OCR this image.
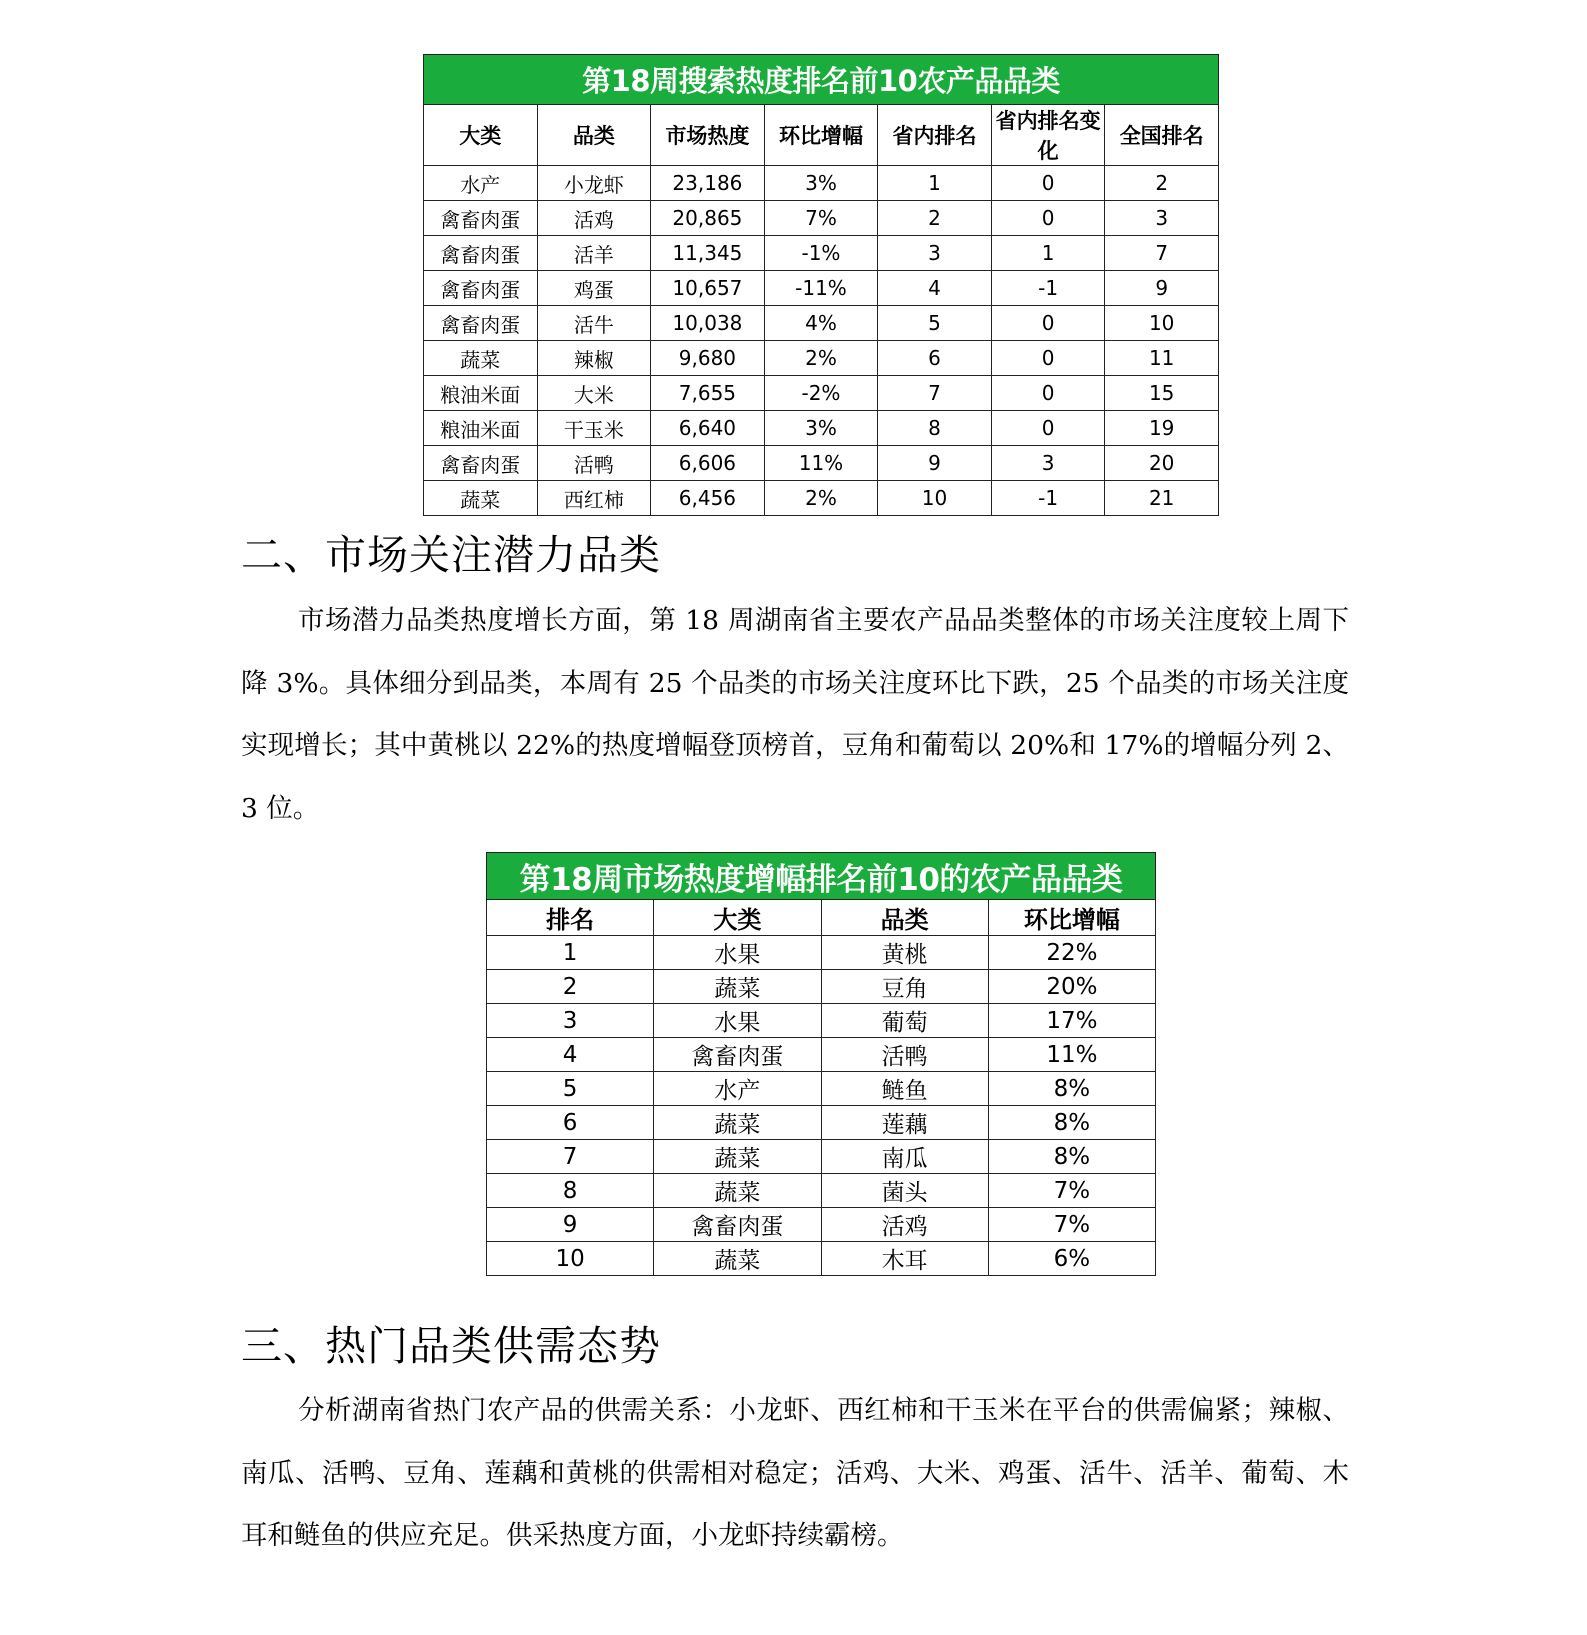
第18周搜索热度排名前10农产品品类						
大类	品类	市场热度	环比增幅	省内排名	省内排名变化	全国排名
水产	小龙虾	23,186	3%	1	0	2
禽畜肉蛋	活鸡	20,865	7%	2	0	3
禽畜肉蛋	活羊	11,345	-1%	3	1	7
禽畜肉蛋	鸡蛋	10,657	-11%	4	-1	9
禽畜肉蛋	活牛	10,038	4%	5	0	10
蔬菜	辣椒	9,680	2%	6	0	11
粮油米面	大米	7,655	-2%	7	0	15
粮油米面	干玉米	6,640	3%	8	0	19
禽畜肉蛋	活鸭	6,606	11%	9	3	20
蔬菜	西红柿	6,456	2%	10	-1	21
二、市场关注潜力品类

市场潜力品类热度增长方面，第 18 周湖南省主要农产品品类整体的市场关注度较上周下降 3%。具体细分到品类，本周有 25 个品类的市场关注度环比下跌，25 个品类的市场关注度实现增长；其中黄桃以 22%的热度增幅登顶榜首，豆角和葡萄以 20%和 17%的增幅分列 2、3 位。

第18周市场热度增幅排名前10的农产品品类			
排名	大类	品类	环比增幅
1	水果	黄桃	22%
2	蔬菜	豆角	20%
3	水果	葡萄	17%
4	禽畜肉蛋	活鸭	11%
5	水产	鲢鱼	8%
6	蔬菜	莲藕	8%
7	蔬菜	南瓜	8%
8	蔬菜	菌头	7%
9	禽畜肉蛋	活鸡	7%
10	蔬菜	木耳	6%
三、热门品类供需态势

分析湖南省热门农产品的供需关系：小龙虾、西红柿和干玉米在平台的供需偏紧；辣椒、南瓜、活鸭、豆角、莲藕和黄桃的供需相对稳定；活鸡、大米、鸡蛋、活牛、活羊、葡萄、木耳和鲢鱼的供应充足。供采热度方面，小龙虾持续霸榜。
